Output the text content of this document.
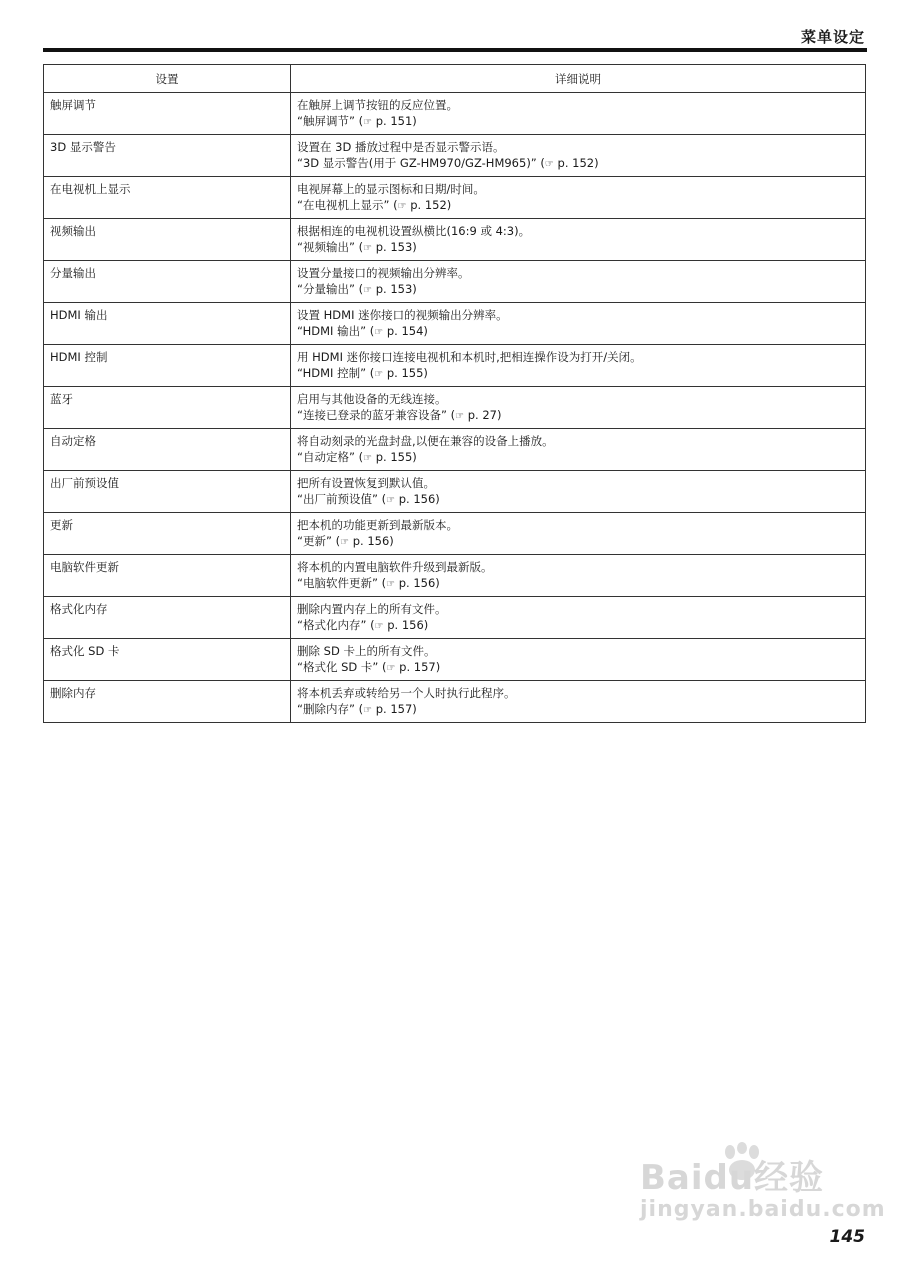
菜单设定
设置	详细说明
触屏调节	在触屏上调节按钮的反应位置。
“触屏调节” (☞ p. 151)

3D 显示警告	设置在 3D 播放过程中是否显示警示语。
“3D 显示警告(用于 GZ-HM970/GZ-HM965)” (☞ p. 152)

在电视机上显示	电视屏幕上的显示图标和日期/时间。
“在电视机上显示” (☞ p. 152)

视频输出	根据相连的电视机设置纵横比(16:9 或 4:3)。
“视频输出” (☞ p. 153)

分量输出	设置分量接口的视频输出分辨率。
“分量输出” (☞ p. 153)

HDMI 输出	设置 HDMI 迷你接口的视频输出分辨率。
“HDMI 输出” (☞ p. 154)

HDMI 控制	用 HDMI 迷你接口连接电视机和本机时,把相连操作设为打开/关闭。
“HDMI 控制” (☞ p. 155)

蓝牙	启用与其他设备的无线连接。
“连接已登录的蓝牙兼容设备” (☞ p. 27)

自动定格	将自动刻录的光盘封盘,以便在兼容的设备上播放。
“自动定格” (☞ p. 155)

出厂前预设值	把所有设置恢复到默认值。
“出厂前预设值” (☞ p. 156)

更新	把本机的功能更新到最新版本。
“更新” (☞ p. 156)

电脑软件更新	将本机的内置电脑软件升级到最新版。
“电脑软件更新” (☞ p. 156)

格式化内存	删除内置内存上的所有文件。
“格式化内存” (☞ p. 156)

格式化 SD 卡	删除 SD 卡上的所有文件。
“格式化 SD 卡” (☞ p. 157)

删除内存	将本机丢弃或转给另一个人时执行此程序。
“删除内存” (☞ p. 157)
Baidu经验
jingyan.baidu.com
145
